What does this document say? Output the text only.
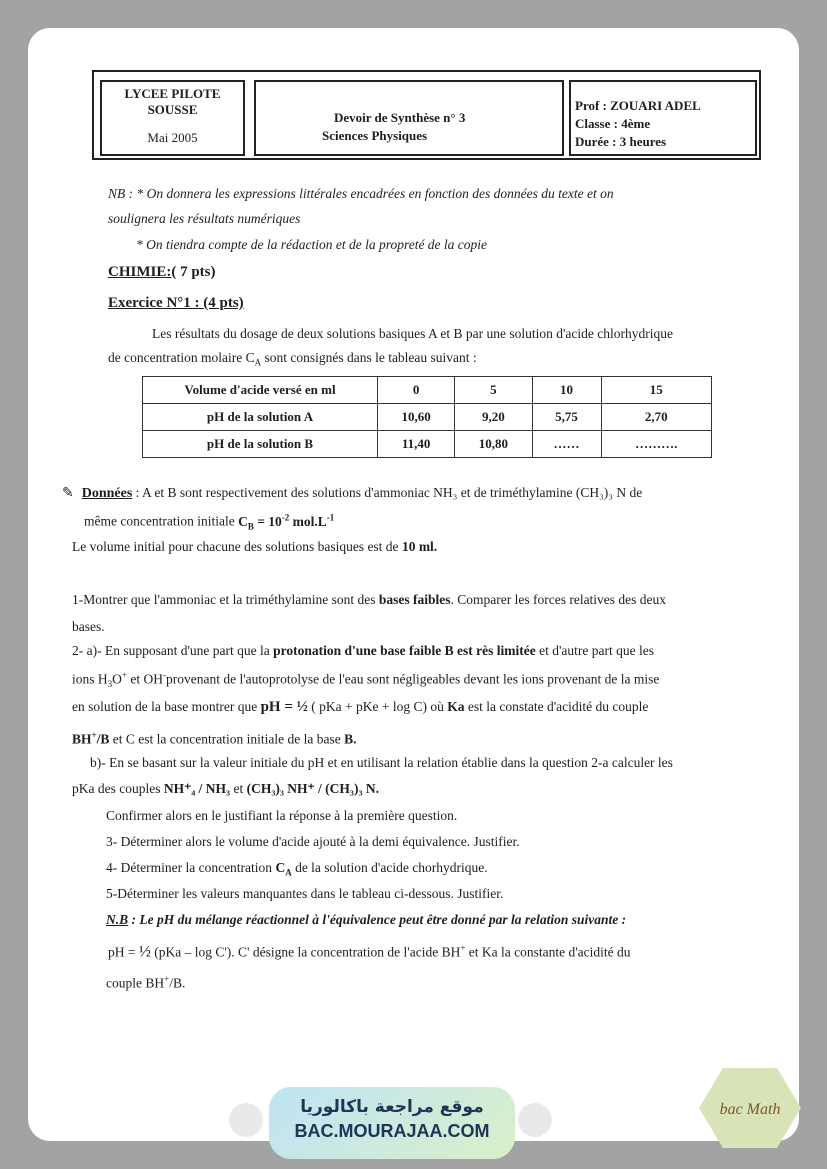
LYCEE PILOTE
SOUSSE
Mai 2005
Devoir de Synthèse n° 3
Sciences Physiques
Prof : ZOUARI ADEL
Classe : 4ème
Durée : 3 heures
NB : * On donnera les expressions littérales encadrées en fonction des données du texte et on
soulignera les résultats numériques
* On tiendra compte de la rédaction et de la propreté de la copie
CHIMIE:( 7 pts)
Exercice N°1 : (4 pts)
Les résultats du dosage de deux solutions basiques A et B par une solution d'acide chlorhydrique
de concentration molaire $C_A$ sont consignés dans le tableau suivant :
Volume d'acide versé en ml	0	5	10	15
pH de la solution A	10,60	9,20	5,75	2,70
pH de la solution B	11,40	10,80	……	……….
✎ Données : A et B sont respectivement des solutions d'ammoniac NH₃ et de triméthylamine (CH₃)₃ N de
même concentration initiale $C_B = 10^{-2}$ $mol.L^{-1}$
Le volume initial pour chacune des solutions basiques est de 10 ml.
1-Montrer que l'ammoniac et la triméthylamine sont des bases faibles. Comparer les forces relatives des deux
bases.
2- a)- En supposant d'une part que la protonation d'une base faible B est rès limitée et d'autre part que les
ions $H_3O^+$ et OH-provenant de l'autoprotolyse de l'eau sont négligeables devant les ions provenant de la mise
en solution de la base montrer que pH = ½ ( pKa + pKe + log C) où Ka est la constate d'acidité du couple
BH+/B et C est la concentration initiale de la base B.
b)- En se basant sur la valeur initiale du pH et en utilisant la relation établie dans la question 2-a calculer les
pKa des couples NH⁺₄ / NH₃ et (CH₃)₃ NH⁺ / (CH₃)₃ N.
Confirmer alors en le justifiant la réponse à la première question.
3- Déterminer alors le volume d'acide ajouté à la demi équivalence. Justifier.
4- Déterminer la concentration $C_A$ de la solution d'acide chorhydrique.
5-Déterminer les valeurs manquantes dans le tableau ci-dessous. Justifier.
N.B : Le pH du mélange réactionnel à l'équivalence peut être donné par la relation suivante :
pH = ½ (pKa – log C'). C' désigne la concentration de l'acide BH+ et Ka la constante d'acidité du
couple BH+/B.
موقع مراجعة باكالوريا
BAC.MOURAJAA.COM
bac Math
